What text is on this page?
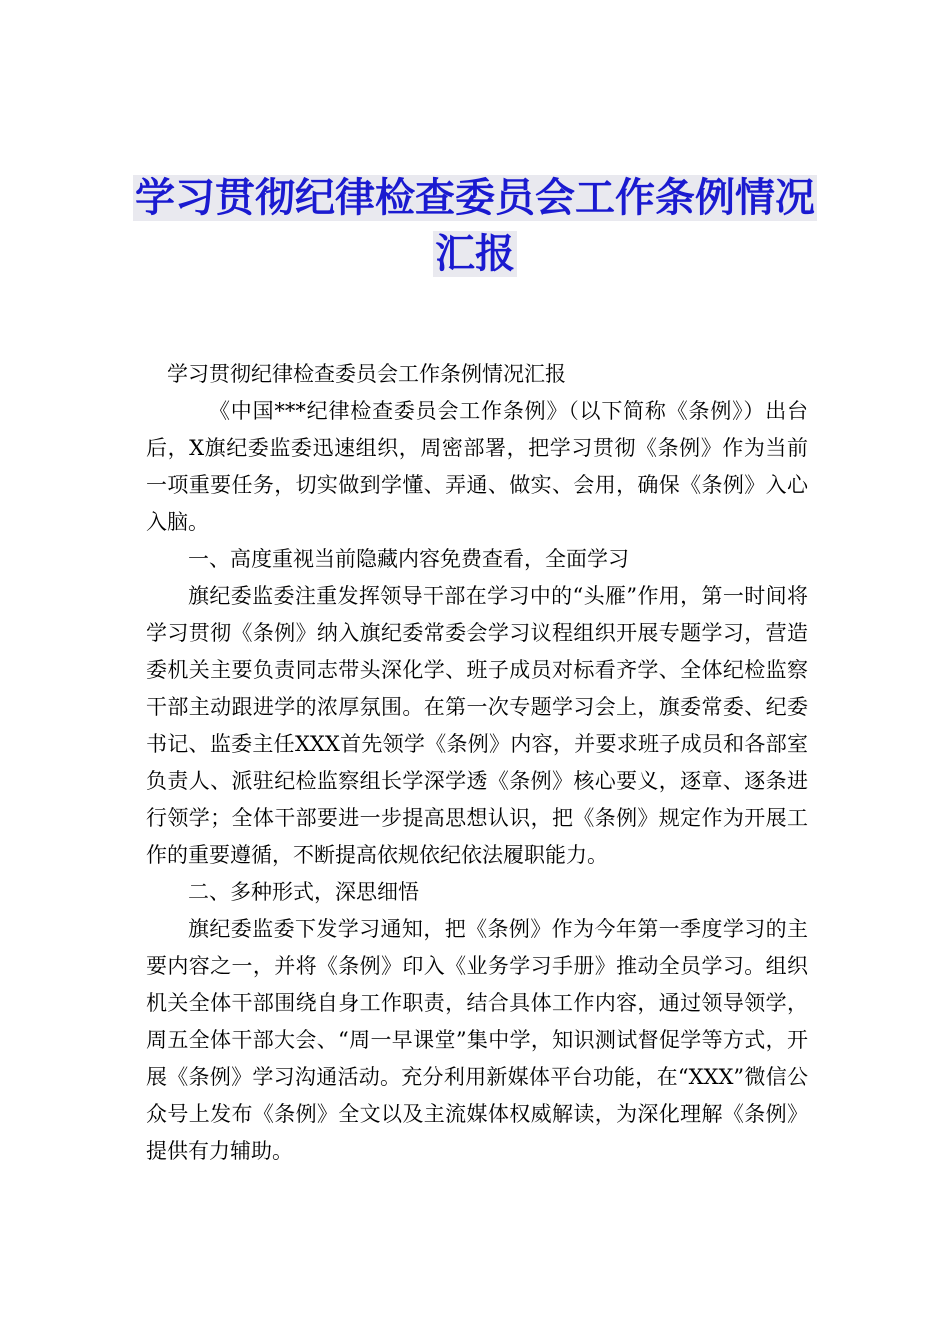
学习贯彻纪律检查委员会工作条例情况
汇报

学习贯彻纪律检查委员会工作条例情况汇报

《中国***纪律检查委员会工作条例》（以下简称《条例》）出台后，X旗纪委监委迅速组织，周密部署，把学习贯彻《条例》作为当前一项重要任务，切实做到学懂、弄通、做实、会用，确保《条例》入心入脑。

一、高度重视当前隐藏内容免费查看，全面学习

旗纪委监委注重发挥领导干部在学习中的“头雁”作用，第一时间将学习贯彻《条例》纳入旗纪委常委会学习议程组织开展专题学习，营造委机关主要负责同志带头深化学、班子成员对标看齐学、全体纪检监察干部主动跟进学的浓厚氛围。在第一次专题学习会上，旗委常委、纪委书记、监委主任XXX首先领学《条例》内容，并要求班子成员和各部室负责人、派驻纪检监察组长学深学透《条例》核心要义，逐章、逐条进行领学；全体干部要进一步提高思想认识，把《条例》规定作为开展工作的重要遵循，不断提高依规依纪依法履职能力。

二、多种形式，深思细悟

旗纪委监委下发学习通知，把《条例》作为今年第一季度学习的主要内容之一，并将《条例》印入《业务学习手册》推动全员学习。组织机关全体干部围绕自身工作职责，结合具体工作内容，通过领导领学，周五全体干部大会、“周一早课堂”集中学，知识测试督促学等方式，开展《条例》学习沟通活动。充分利用新媒体平台功能，在“XXX”微信公众号上发布《条例》全文以及主流媒体权威解读，为深化理解《条例》提供有力辅助。
